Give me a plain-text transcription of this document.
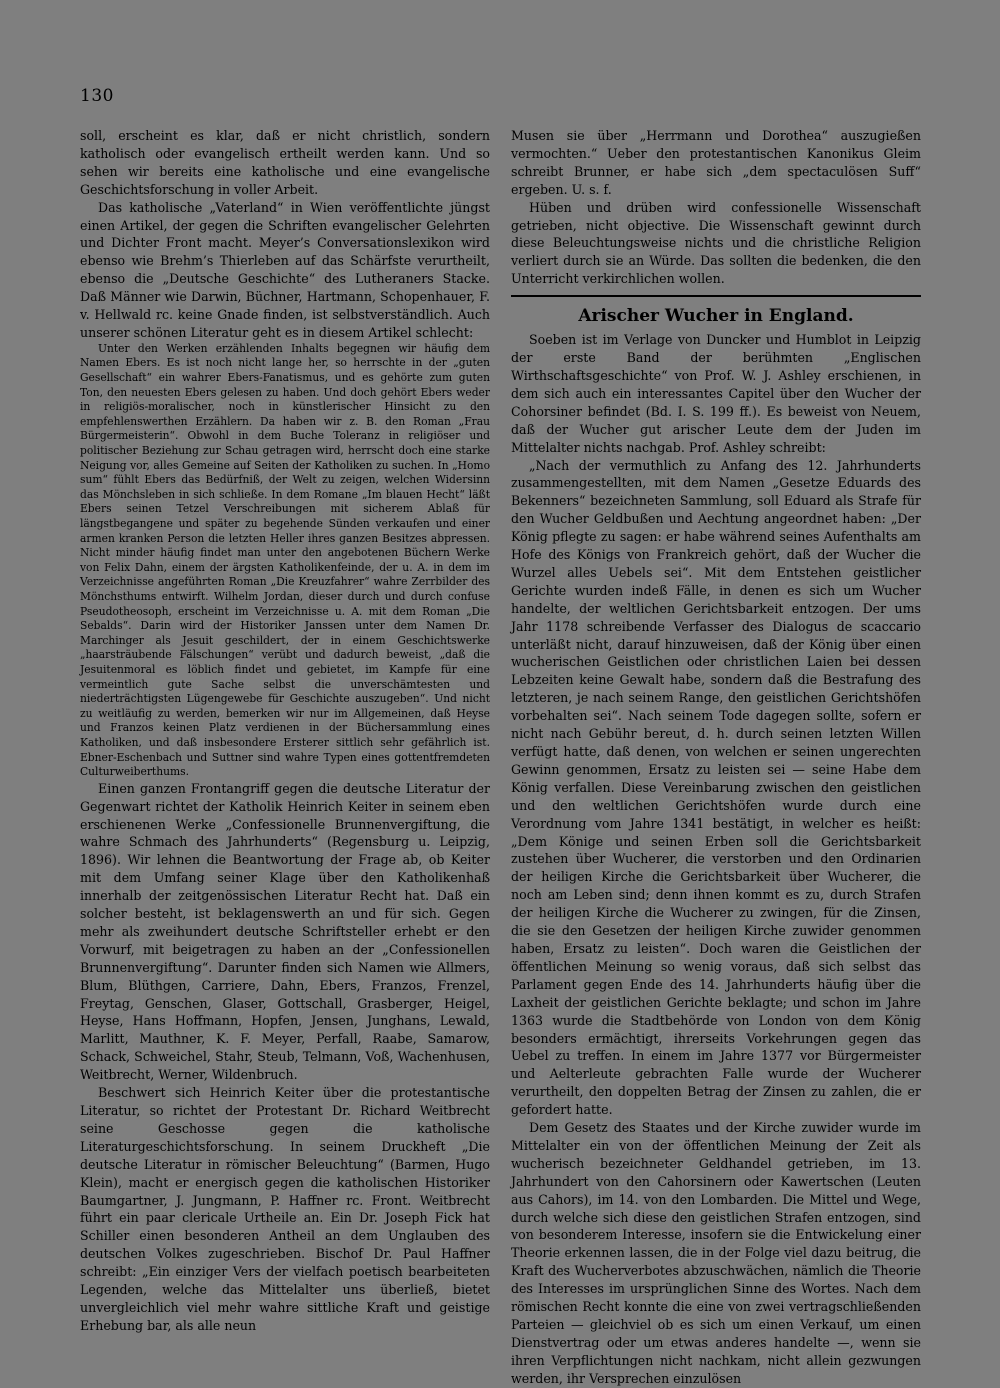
130

soll, erscheint es klar, daß er nicht christlich, sondern katholisch oder evangelisch ertheilt werden kann. Und so sehen wir bereits eine katholische und eine evangelische Geschichtsforschung in voller Arbeit.

Das katholische „Vaterland“ in Wien veröffentlichte jüngst einen Artikel, der gegen die Schriften evangelischer Gelehrten und Dichter Front macht. Meyer’s Conversationslexikon wird ebenso wie Brehm’s Thierleben auf das Schärfste verurtheilt, ebenso die „Deutsche Geschichte“ des Lutheraners Stacke. Daß Männer wie Darwin, Büchner, Hartmann, Schopenhauer, F. v. Hellwald rc. keine Gnade finden, ist selbstverständlich. Auch unserer schönen Literatur geht es in diesem Artikel schlecht:

Unter den Werken erzählenden Inhalts begegnen wir häufig dem Namen Ebers. Es ist noch nicht lange her, so herrschte in der „guten Gesellschaft“ ein wahrer Ebers-Fanatismus, und es gehörte zum guten Ton, den neuesten Ebers gelesen zu haben. Und doch gehört Ebers weder in religiös-moralischer, noch in künstlerischer Hinsicht zu den empfehlenswerthen Erzählern. Da haben wir z. B. den Roman „Frau Bürgermeisterin“. Obwohl in dem Buche Toleranz in religiöser und politischer Beziehung zur Schau getragen wird, herrscht doch eine starke Neigung vor, alles Gemeine auf Seiten der Katholiken zu suchen. In „Homo sum“ fühlt Ebers das Bedürfniß, der Welt zu zeigen, welchen Widersinn das Mönchsleben in sich schließe. In dem Romane „Im blauen Hecht“ läßt Ebers seinen Tetzel Verschreibungen mit sicherem Ablaß für längstbegangene und später zu begehende Sünden verkaufen und einer armen kranken Person die letzten Heller ihres ganzen Besitzes abpressen. Nicht minder häufig findet man unter den angebotenen Büchern Werke von Felix Dahn, einem der ärgsten Katholikenfeinde, der u. A. in dem im Verzeichnisse angeführten Roman „Die Kreuzfahrer“ wahre Zerrbilder des Mönchsthums entwirft. Wilhelm Jordan, dieser durch und durch confuse Pseudotheosoph, erscheint im Verzeichnisse u. A. mit dem Roman „Die Sebalds“. Darin wird der Historiker Janssen unter dem Namen Dr. Marchinger als Jesuit geschildert, der in einem Geschichtswerke „haarsträubende Fälschungen“ verübt und dadurch beweist, „daß die Jesuitenmoral es löblich findet und gebietet, im Kampfe für eine vermeintlich gute Sache selbst die unverschämtesten und niederträchtigsten Lügengewebe für Geschichte auszugeben“. Und nicht zu weitläufig zu werden, bemerken wir nur im Allgemeinen, daß Heyse und Franzos keinen Platz verdienen in der Büchersammlung eines Katholiken, und daß insbesondere Ersterer sittlich sehr gefährlich ist. Ebner-Eschenbach und Suttner sind wahre Typen eines gottentfremdeten Culturweiberthums.

Einen ganzen Frontangriff gegen die deutsche Literatur der Gegenwart richtet der Katholik Heinrich Keiter in seinem eben erschienenen Werke „Confessionelle Brunnenvergiftung, die wahre Schmach des Jahrhunderts“ (Regensburg u. Leipzig, 1896). Wir lehnen die Beantwortung der Frage ab, ob Keiter mit dem Umfang seiner Klage über den Katholikenhaß innerhalb der zeitgenössischen Literatur Recht hat. Daß ein solcher besteht, ist beklagenswerth an und für sich. Gegen mehr als zweihundert deutsche Schriftsteller erhebt er den Vorwurf, mit beigetragen zu haben an der „Confessionellen Brunnenvergiftung“. Darunter finden sich Namen wie Allmers, Blum, Blüthgen, Carriere, Dahn, Ebers, Franzos, Frenzel, Freytag, Genschen, Glaser, Gottschall, Grasberger, Heigel, Heyse, Hans Hoffmann, Hopfen, Jensen, Junghans, Lewald, Marlitt, Mauthner, K. F. Meyer, Perfall, Raabe, Samarow, Schack, Schweichel, Stahr, Steub, Telmann, Voß, Wachenhusen, Weitbrecht, Werner, Wildenbruch.

Beschwert sich Heinrich Keiter über die protestantische Literatur, so richtet der Protestant Dr. Richard Weitbrecht seine Geschosse gegen die katholische Literaturgeschichtsforschung. In seinem Druckheft „Die deutsche Literatur in römischer Beleuchtung“ (Barmen, Hugo Klein), macht er energisch gegen die katholischen Historiker Baumgartner, J. Jungmann, P. Haffner rc. Front. Weitbrecht führt ein paar clericale Urtheile an. Ein Dr. Joseph Fick hat Schiller einen besonderen Antheil an dem Unglauben des deutschen Volkes zugeschrieben. Bischof Dr. Paul Haffner schreibt: „Ein einziger Vers der vielfach poetisch bearbeiteten Legenden, welche das Mittelalter uns überließ, bietet unvergleichlich viel mehr wahre sittliche Kraft und geistige Erhebung bar, als alle neun

Musen sie über „Herrmann und Dorothea“ auszugießen vermochten.“ Ueber den protestantischen Kanonikus Gleim schreibt Brunner, er habe sich „dem spectaculösen Suff“ ergeben. U. s. f.

Hüben und drüben wird confessionelle Wissenschaft getrieben, nicht objective. Die Wissenschaft gewinnt durch diese Beleuchtungsweise nichts und die christliche Religion verliert durch sie an Würde. Das sollten die bedenken, die den Unterricht verkirchlichen wollen.

Arischer Wucher in England.

Soeben ist im Verlage von Duncker und Humblot in Leipzig der erste Band der berühmten „Englischen Wirthschaftsgeschichte“ von Prof. W. J. Ashley erschienen, in dem sich auch ein interessantes Capitel über den Wucher der Cohorsiner befindet (Bd. I. S. 199 ff.). Es beweist von Neuem, daß der Wucher gut arischer Leute dem der Juden im Mittelalter nichts nachgab. Prof. Ashley schreibt:

„Nach der vermuthlich zu Anfang des 12. Jahrhunderts zusammengestellten, mit dem Namen „Gesetze Eduards des Bekenners“ bezeichneten Sammlung, soll Eduard als Strafe für den Wucher Geldbußen und Aechtung angeordnet haben: „Der König pflegte zu sagen: er habe während seines Aufenthalts am Hofe des Königs von Frankreich gehört, daß der Wucher die Wurzel alles Uebels sei“. Mit dem Entstehen geistlicher Gerichte wurden indeß Fälle, in denen es sich um Wucher handelte, der weltlichen Gerichtsbarkeit entzogen. Der ums Jahr 1178 schreibende Verfasser des Dialogus de scaccario unterläßt nicht, darauf hinzuweisen, daß der König über einen wucherischen Geistlichen oder christlichen Laien bei dessen Lebzeiten keine Gewalt habe, sondern daß die Bestrafung des letzteren, je nach seinem Range, den geistlichen Gerichtshöfen vorbehalten sei“. Nach seinem Tode dagegen sollte, sofern er nicht nach Gebühr bereut, d. h. durch seinen letzten Willen verfügt hatte, daß denen, von welchen er seinen ungerechten Gewinn genommen, Ersatz zu leisten sei — seine Habe dem König verfallen. Diese Vereinbarung zwischen den geistlichen und den weltlichen Gerichtshöfen wurde durch eine Verordnung vom Jahre 1341 bestätigt, in welcher es heißt: „Dem Könige und seinen Erben soll die Gerichtsbarkeit zustehen über Wucherer, die verstorben und den Ordinarien der heiligen Kirche die Gerichtsbarkeit über Wucherer, die noch am Leben sind; denn ihnen kommt es zu, durch Strafen der heiligen Kirche die Wucherer zu zwingen, für die Zinsen, die sie den Gesetzen der heiligen Kirche zuwider genommen haben, Ersatz zu leisten“. Doch waren die Geistlichen der öffentlichen Meinung so wenig voraus, daß sich selbst das Parlament gegen Ende des 14. Jahrhunderts häufig über die Laxheit der geistlichen Gerichte beklagte; und schon im Jahre 1363 wurde die Stadtbehörde von London von dem König besonders ermächtigt, ihrerseits Vorkehrungen gegen das Uebel zu treffen. In einem im Jahre 1377 vor Bürgermeister und Aelterleute gebrachten Falle wurde der Wucherer verurtheilt, den doppelten Betrag der Zinsen zu zahlen, die er gefordert hatte.

Dem Gesetz des Staates und der Kirche zuwider wurde im Mittelalter ein von der öffentlichen Meinung der Zeit als wucherisch bezeichneter Geldhandel getrieben, im 13. Jahrhundert von den Cahorsinern oder Kawertschen (Leuten aus Cahors), im 14. von den Lombarden. Die Mittel und Wege, durch welche sich diese den geistlichen Strafen entzogen, sind von besonderem Interesse, insofern sie die Entwickelung einer Theorie erkennen lassen, die in der Folge viel dazu beitrug, die Kraft des Wucherverbotes abzuschwächen, nämlich die Theorie des Interesses im ursprünglichen Sinne des Wortes. Nach dem römischen Recht konnte die eine von zwei vertragschließenden Parteien — gleichviel ob es sich um einen Verkauf, um einen Dienstvertrag oder um etwas anderes handelte —, wenn sie ihren Verpflichtungen nicht nachkam, nicht allein gezwungen werden, ihr Versprechen einzulösen
